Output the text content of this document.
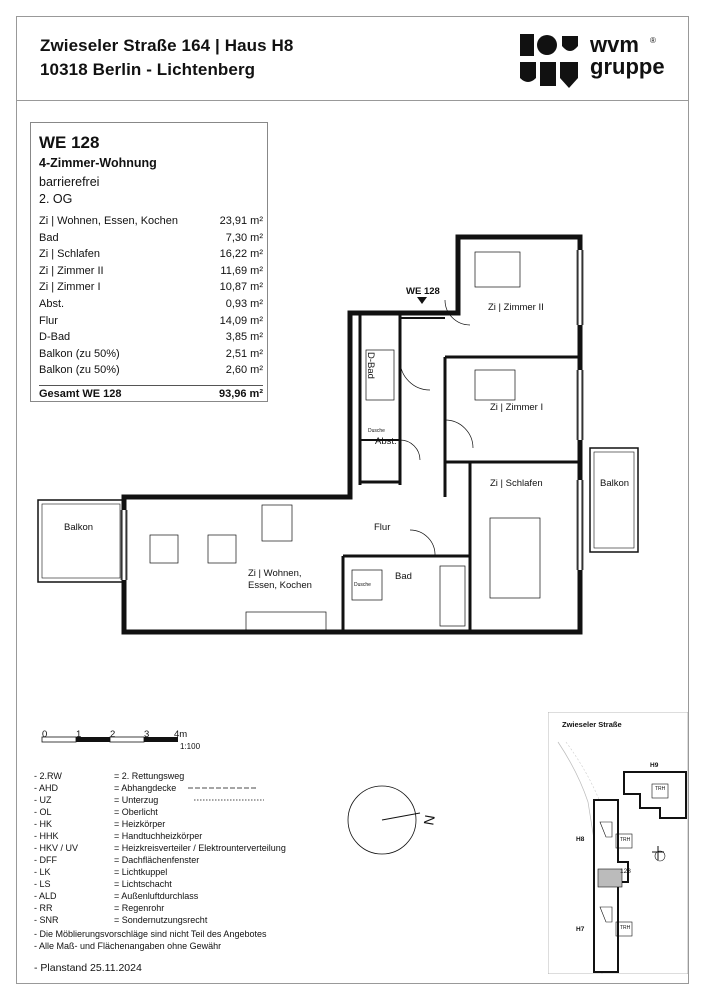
Zwieseler Straße 164 | Haus H8
10318 Berlin - Lichtenberg
wvm
gruppe
®
WE 128
4-Zimmer-Wohnung
barrierefrei
2. OG
Zi | Wohnen, Essen, Kochen	23,91 m²
Bad	7,30 m²
Zi | Schlafen	16,22 m²
Zi | Zimmer II	11,69 m²
Zi | Zimmer I	10,87 m²
Abst.	0,93 m²
Flur	14,09 m²
D-Bad	3,85 m²
Balkon (zu 50%)	2,51 m²
Balkon (zu 50%)	2,60 m²
Gesamt WE 128	93,96 m²
WE 128
Zi | Zimmer II
Zi | Zimmer I
Zi | Schlafen	Balkon
Balkon	Flur
Zi | Wohnen,
Essen, Kochen
Bad
D-Bad
Abst.
Dusche
Dusche
0	1	2	3	4m
1:100
- 2.RW	= 2. Rettungsweg
- AHD	= Abhangdecke
- UZ	= Unterzug
- OL	= Oberlicht
- HK	= Heizkörper
- HHK	= Handtuchheizkörper
- HKV / UV	= Heizkreisverteiler / Elektrounterverteilung
- DFF	= Dachflächenfenster
- LK	= Lichtkuppel
- LS	= Lichtschacht
- ALD	= Außenluftdurchlass
- RR	= Regenrohr
- SNR	= Sondernutzungsrecht
- Die Möblierungsvorschläge sind nicht Teil des Angebotes
- Alle Maß- und Flächenangaben ohne Gewähr
- Planstand 25.11.2024
N
Zwieseler Straße
H9
H8
H7
TRH
TRH
TRH
128
